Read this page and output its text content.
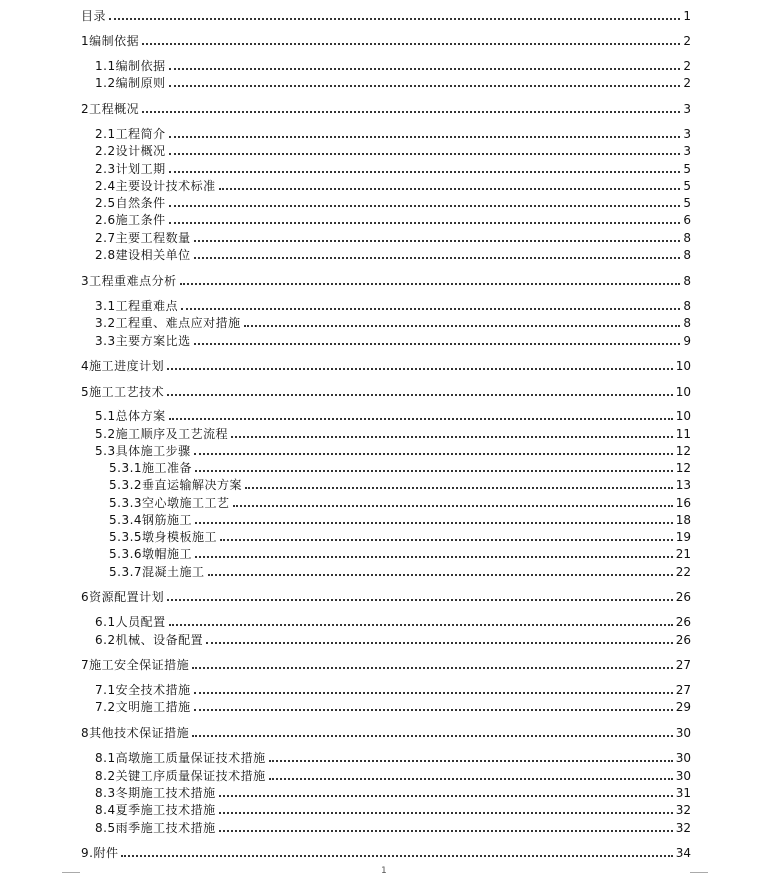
目录	1
1编制依据	2
1.1编制依据	2
1.2编制原则	2
2工程概况	3
2.1工程简介	3
2.2设计概况	3
2.3计划工期	5
2.4主要设计技术标准	5
2.5自然条件	5
2.6施工条件	6
2.7主要工程数量	8
2.8建设相关单位	8
3工程重难点分析	8
3.1工程重难点	8
3.2工程重、难点应对措施	8
3.3主要方案比选	9
4施工进度计划	10
5施工工艺技术	10
5.1总体方案	10
5.2施工顺序及工艺流程	11
5.3具体施工步骤	12
5.3.1施工准备	12
5.3.2垂直运输解决方案	13
5.3.3空心墩施工工艺	16
5.3.4钢筋施工	18
5.3.5墩身模板施工	19
5.3.6墩帽施工	21
5.3.7混凝土施工	22
6资源配置计划	26
6.1人员配置	26
6.2机械、设备配置	26
7施工安全保证措施	27
7.1安全技术措施	27
7.2文明施工措施	29
8其他技术保证措施	30
8.1高墩施工质量保证技术措施	30
8.2关键工序质量保证技术措施	30
8.3冬期施工技术措施	31
8.4夏季施工技术措施	32
8.5雨季施工技术措施	32
9.附件	34
1
